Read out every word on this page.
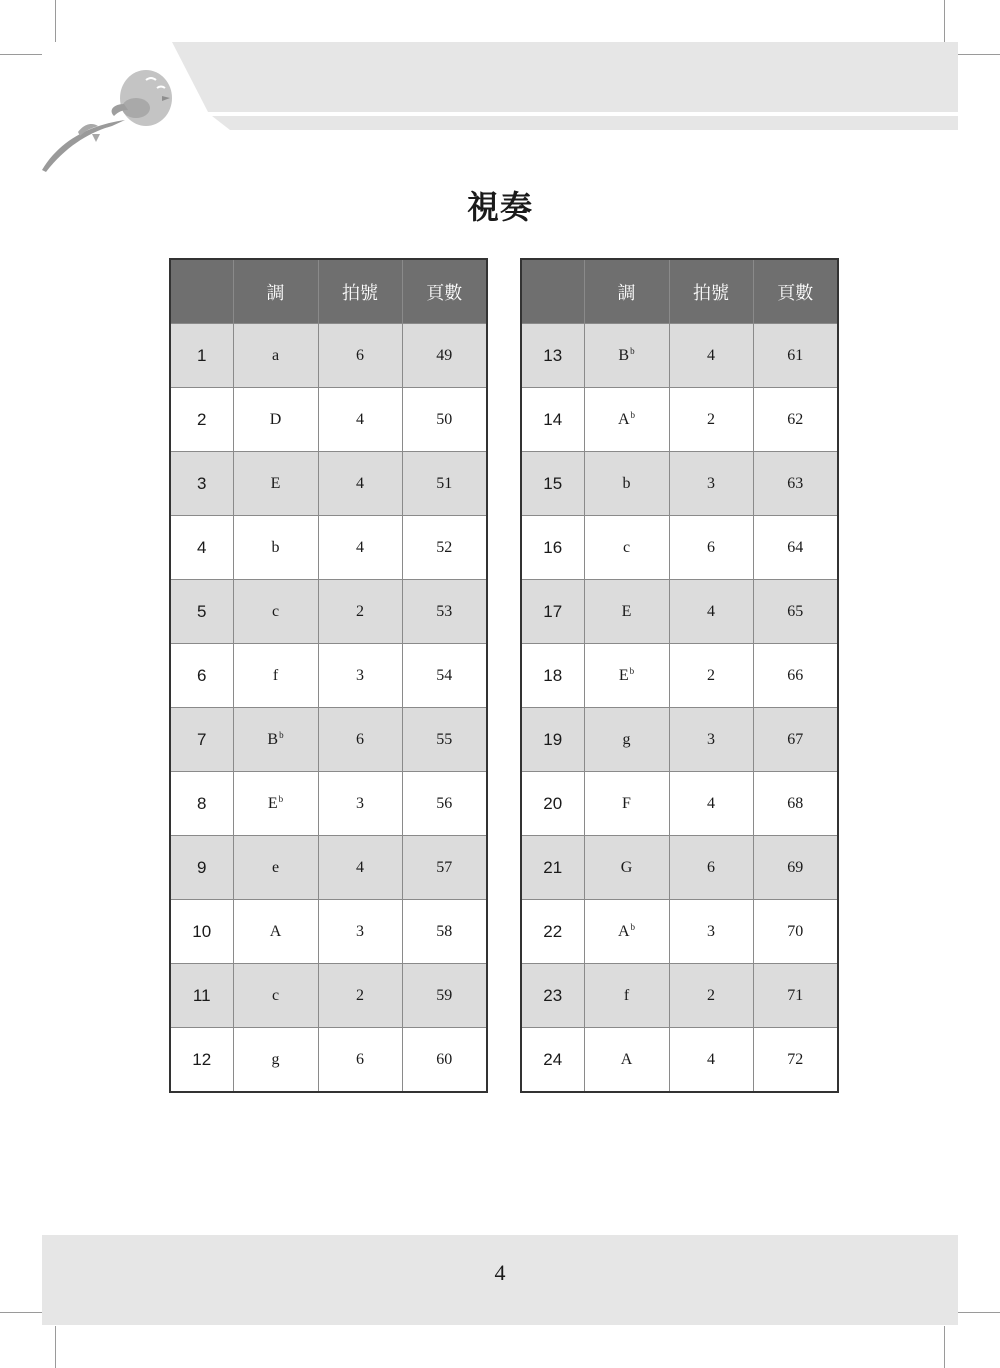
視奏
	調	拍號	頁數
1	a	6	49
2	D	4	50
3	E	4	51
4	b	4	52
5	c	2	53
6	f	3	54
7	$B^b$	6	55
8	$E^b$	3	56
9	e	4	57
10	A	3	58
11	c	2	59
12	g	6	60
	調	拍號	頁數
13	$B^b$	4	61
14	$A^b$	2	62
15	b	3	63
16	c	6	64
17	E	4	65
18	$E^b$	2	66
19	g	3	67
20	F	4	68
21	G	6	69
22	$A^b$	3	70
23	f	2	71
24	A	4	72
4
